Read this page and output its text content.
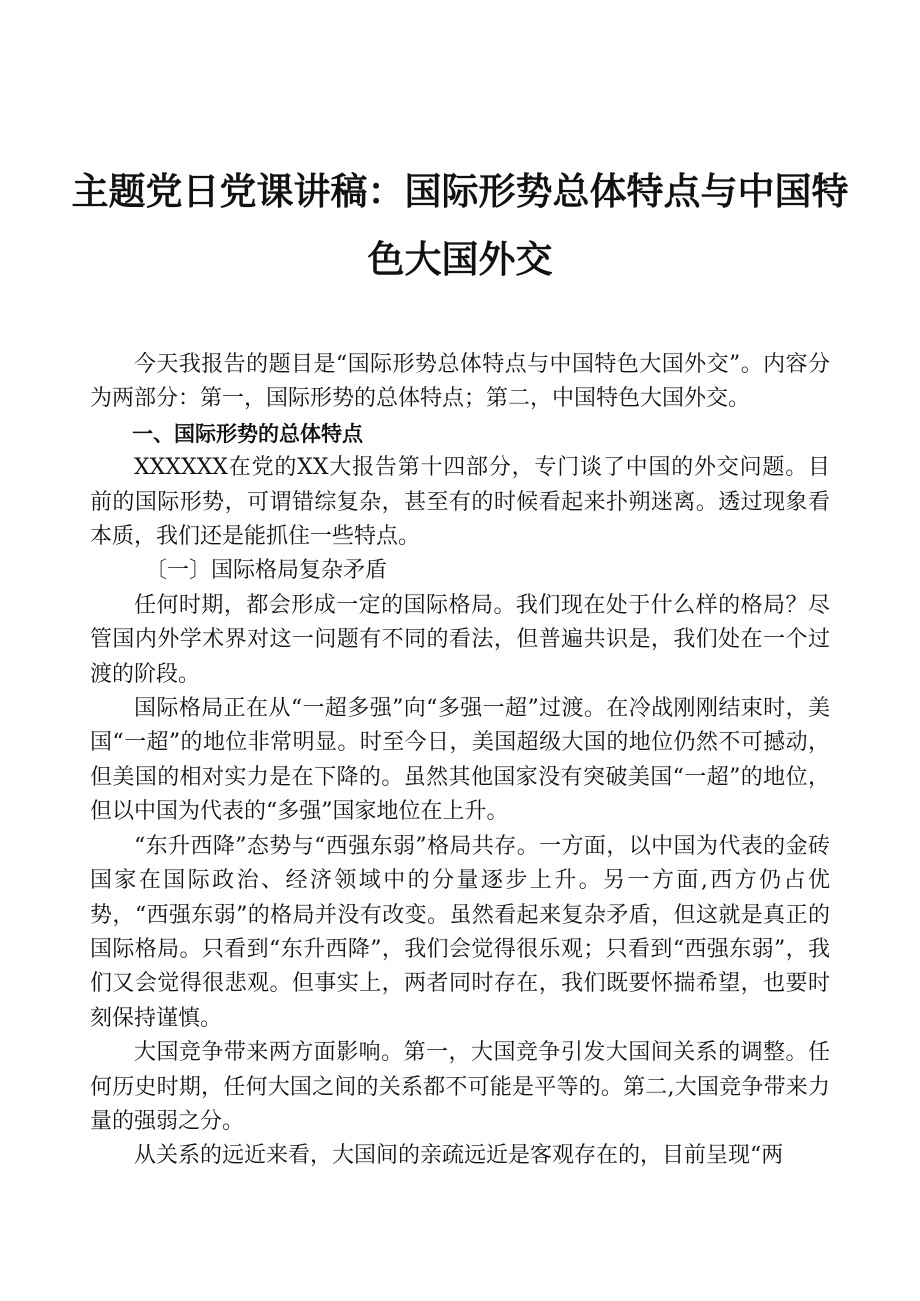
主题党日党课讲稿：国际形势总体特点与中国特色大国外交

今天我报告的题目是“国际形势总体特点与中国特色大国外交”。内容分为两部分：第一，国际形势的总体特点；第二，中国特色大国外交。

一、国际形势的总体特点

XXXXXX在党的XX大报告第十四部分，专门谈了中国的外交问题。目前的国际形势，可谓错综复杂，甚至有的时候看起来扑朔迷离。透过现象看本质，我们还是能抓住一些特点。

〔一〕国际格局复杂矛盾

任何时期，都会形成一定的国际格局。我们现在处于什么样的格局？尽管国内外学术界对这一问题有不同的看法，但普遍共识是，我们处在一个过渡的阶段。

国际格局正在从“一超多强”向“多强一超”过渡。在冷战刚刚结束时，美国“一超”的地位非常明显。时至今日，美国超级大国的地位仍然不可撼动，但美国的相对实力是在下降的。虽然其他国家没有突破美国“一超”的地位，但以中国为代表的“多强”国家地位在上升。

“东升西降”态势与“西强东弱”格局共存。一方面，以中国为代表的金砖国家在国际政治、经济领域中的分量逐步上升。另一方面,西方仍占优势，“西强东弱”的格局并没有改变。虽然看起来复杂矛盾，但这就是真正的国际格局。只看到“东升西降”，我们会觉得很乐观；只看到“西强东弱”，我们又会觉得很悲观。但事实上，两者同时存在，我们既要怀揣希望，也要时刻保持谨慎。

大国竞争带来两方面影响。第一，大国竞争引发大国间关系的调整。任何历史时期，任何大国之间的关系都不可能是平等的。第二,大国竞争带来力量的强弱之分。

从关系的远近来看，大国间的亲疏远近是客观存在的，目前呈现“两
